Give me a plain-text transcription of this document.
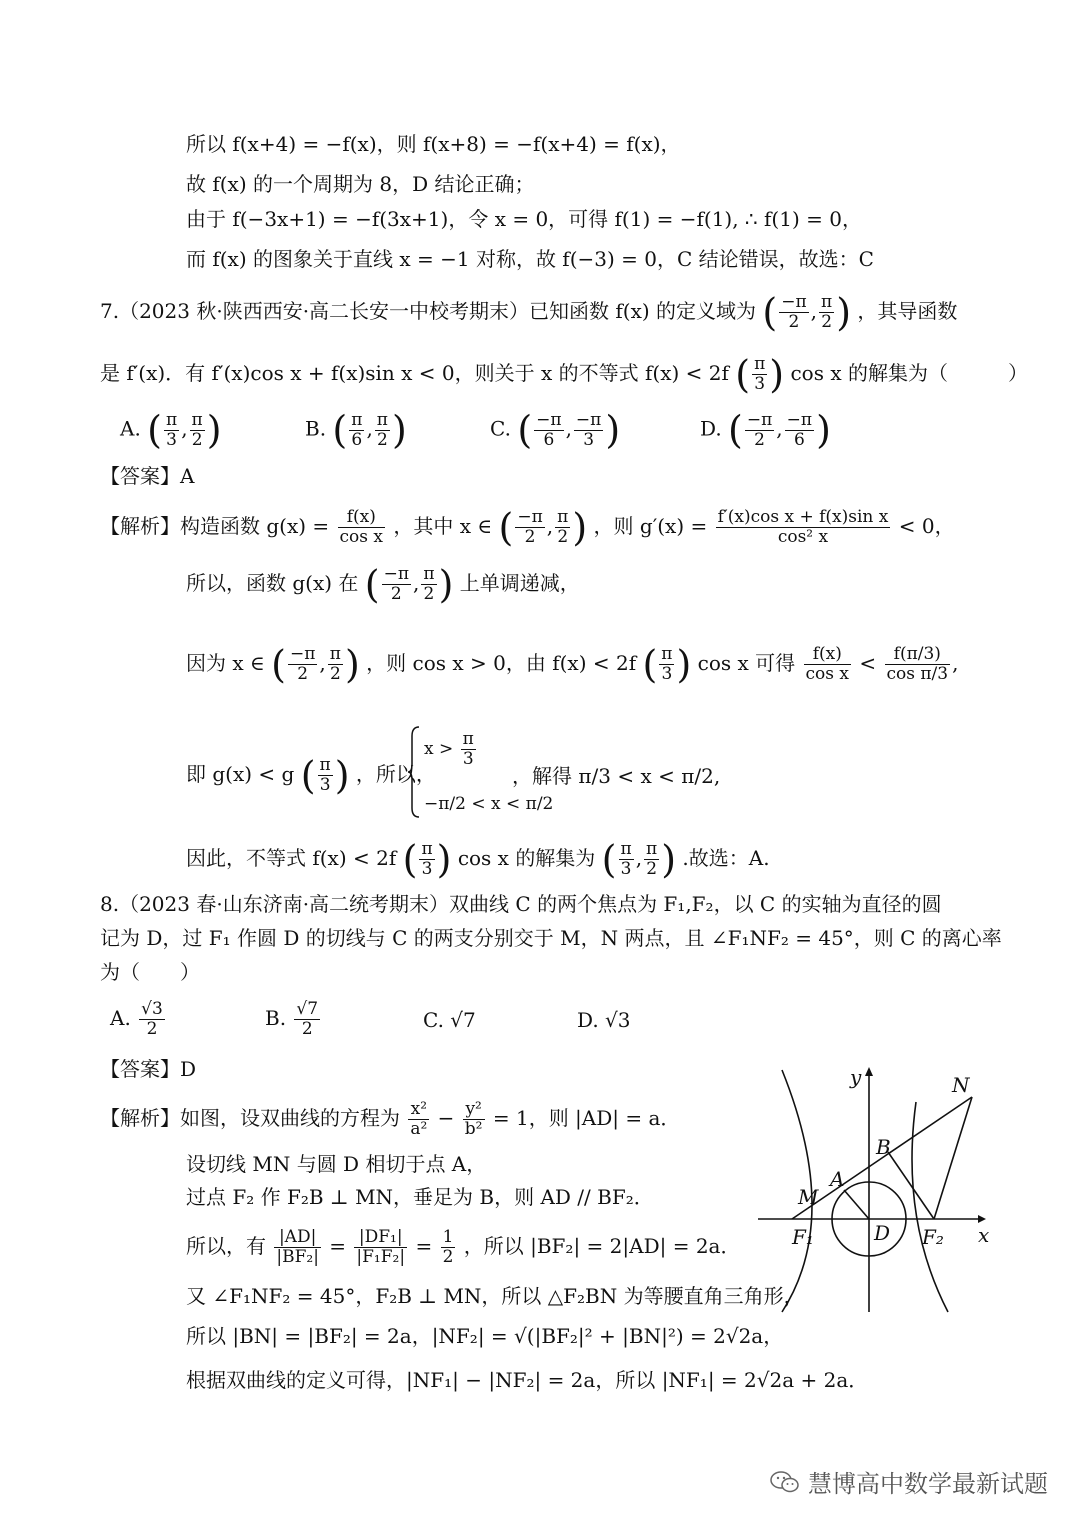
所以 f(x+4) = −f(x)，则 f(x+8) = −f(x+4) = f(x)，
故 f(x) 的一个周期为 8，D 结论正确；
由于 f(−3x+1) = −f(3x+1)，令 x = 0，可得 f(1) = −f(1), ∴ f(1) = 0，
而 f(x) 的图象关于直线 x = −1 对称，故 f(−3) = 0，C 结论错误，故选：C
7.（2023 秋·陕西西安·高二长安一中校考期末）已知函数 f(x) 的定义域为 ( $\frac{-\pi}{2}$ , $\frac{\pi}{2}$ ) ，其导函数
是 f′(x)．有 f′(x)cos x + f(x)sin x < 0，则关于 x 的不等式 f(x) < 2f ( $\frac{\pi}{3}$ ) cos x 的解集为（　　　）
A. ( $\frac{\pi}{3}$ , $\frac{\pi}{2}$ )	B. ( $\frac{\pi}{6}$ , $\frac{\pi}{2}$ )	C. ( $\frac{-\pi}{6}$ , $\frac{-\pi}{3}$ )	D. ( $\frac{-\pi}{2}$ , $\frac{-\pi}{6}$ )
【答案】A
【解析】构造函数 $g(x) = \frac{f(x)}{\text{cos x}}$ ，其中 x ∈ ( $\frac{-\pi}{2}$ , $\frac{\pi}{2}$ ) ，则 $g'(x) = \frac{\text{f′(x)cos x + f(x)sin x}}{\text{cos² x}} < 0$，
所以，函数 g(x) 在 ( $\frac{-\pi}{2}$ , $\frac{\pi}{2}$ ) 上单调递减，
因为 x ∈ ( $\frac{-\pi}{2}$ , $\frac{\pi}{2}$ ) ，则 cos x > 0，由 f(x) < 2f ( $\frac{\pi}{3}$ ) cos x 可得 $\frac{f(x)}{\text{cos x}} < \frac{f(\pi/3)}{\text{cos π/3}}$ ,
即 g(x) < g ( $\frac{\pi}{3}$ ) ，所以，
$x > \frac{\pi}{3}$
−π/2 < x < π/2
，解得 π/3 < x < π/2,
因此，不等式 f(x) < 2f ( $\frac{\pi}{3}$ ) cos x 的解集为 ( $\frac{\pi}{3}$ , $\frac{\pi}{2}$ ) .故选：A.
8.（2023 春·山东济南·高二统考期末）双曲线 C 的两个焦点为 F₁,F₂，以 C 的实轴为直径的圆
记为 D，过 F₁ 作圆 D 的切线与 C 的两支分别交于 M，N 两点，且 ∠F₁NF₂ = 45°，则 C 的离心率
为（　　）
A. $\frac{√3}{2}$	B. $\frac{√7}{2}$	C. √7	D. √3
【答案】D
【解析】如图，设双曲线的方程为 $\frac{\text{x²}}{\text{a²}} - \frac{\text{y²}}{\text{b²}} = 1$，则 |AD| = a．
设切线 MN 与圆 D 相切于点 A，
过点 F₂ 作 F₂B ⊥ MN，垂足为 B，则 AD // BF₂．
所以，有 $\frac{|AD|}{\text{|BF₂|}} = \frac{\text{|DF₁|}}{\text{|F₁F₂|}} = \frac{1}{2}$ ，所以 |BF₂| = 2|AD| = 2a．
又 ∠F₁NF₂ = 45°，F₂B ⊥ MN，所以 △F₂BN 为等腰直角三角形，
所以 |BN| = |BF₂| = 2a，|NF₂| = √(|BF₂|² + |BN|²) = 2√2a，
根据双曲线的定义可得，|NF₁| − |NF₂| = 2a，所以 |NF₁| = 2√2a + 2a．
y
x
N
B
A
M
F₁	D F₂
慧博高中数学最新试题
